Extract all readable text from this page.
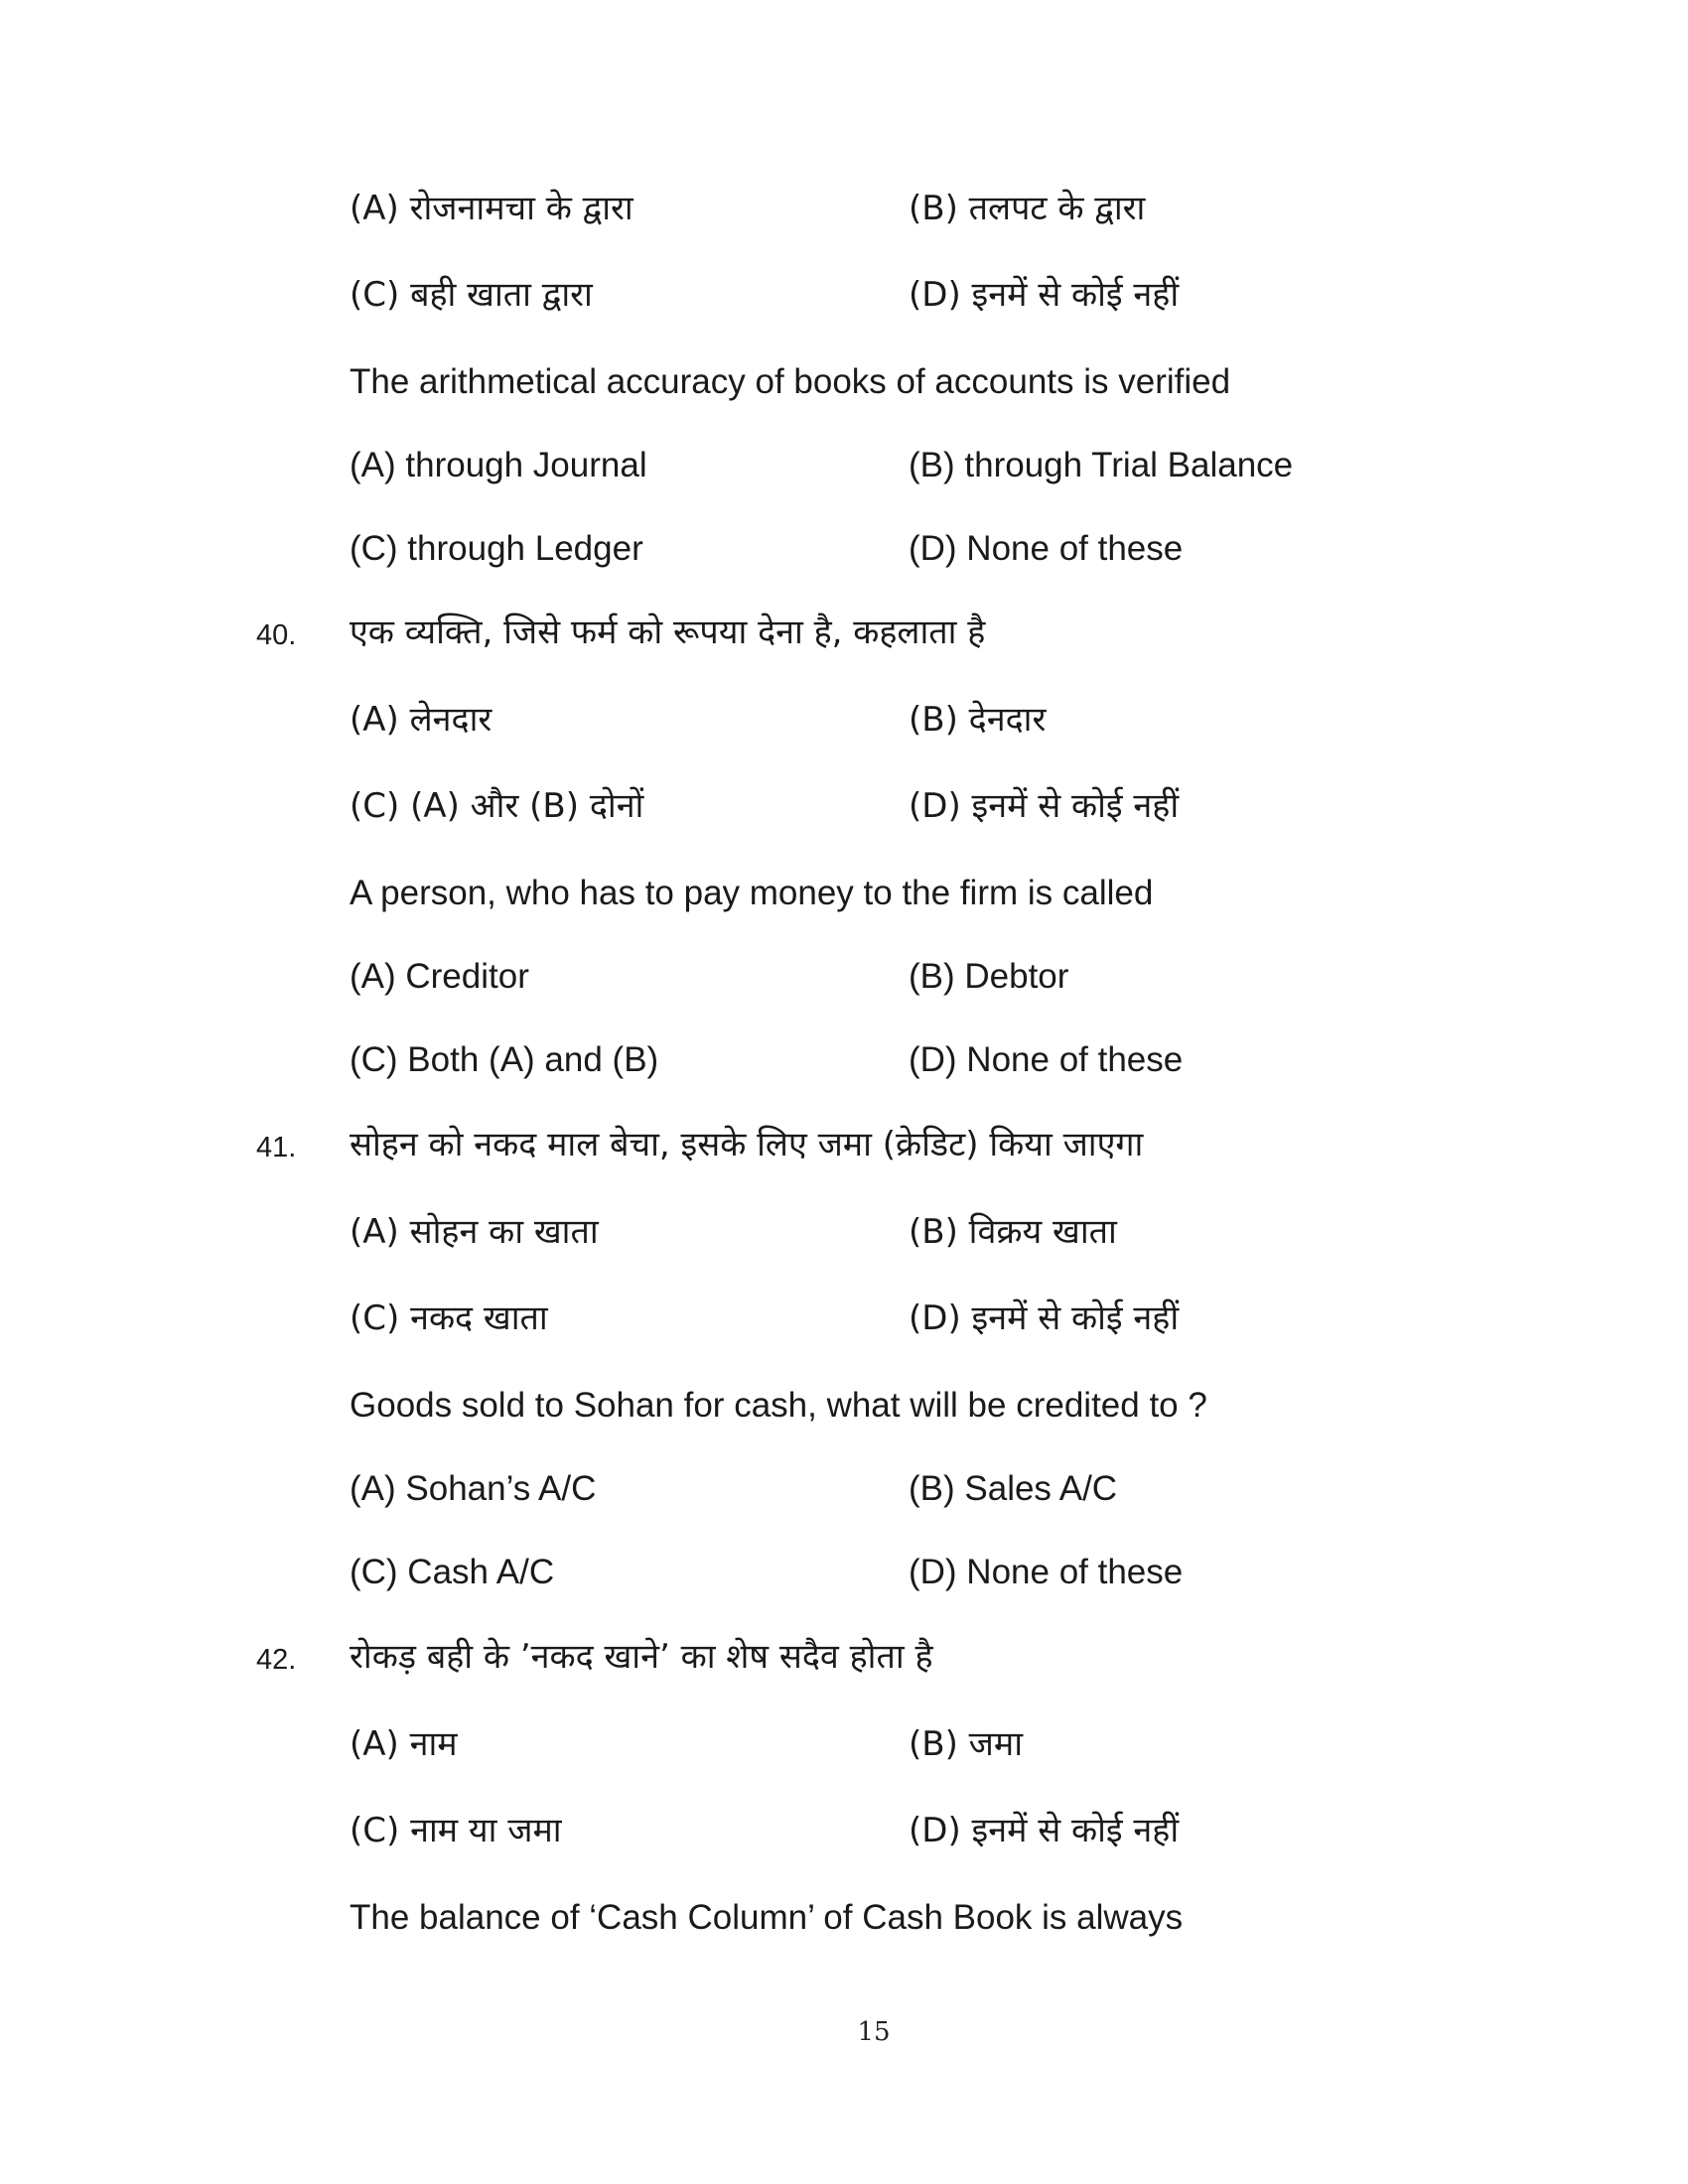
(A) रोजनामचा के द्वारा	(B) तलपट के द्वारा
(C) बही खाता द्वारा	(D) इनमें से कोई नहीं
The arithmetical accuracy of books of accounts is verified
(A) through Journal	(B) through Trial Balance
(C) through Ledger	(D) None of these
40. एक व्यक्ति, जिसे फर्म को रूपया देना है, कहलाता है
(A) लेनदार	(B) देनदार
(C) (A) और (B) दोनों	(D) इनमें से कोई नहीं
A person, who has to pay money to the firm is called
(A) Creditor	(B) Debtor
(C) Both (A) and (B)	(D) None of these
41. सोहन को नकद माल बेचा, इसके लिए जमा (क्रेडिट) किया जाएगा
(A) सोहन का खाता	(B) विक्रय खाता
(C) नकद खाता	(D) इनमें से कोई नहीं
Goods sold to Sohan for cash, what will be credited to ?
(A) Sohan’s A/C	(B) Sales A/C
(C) Cash A/C	(D) None of these
42. रोकड़ बही के ’नकद खाने’ का शेष सदैव होता है
(A) नाम	(B) जमा
(C) नाम या जमा	(D) इनमें से कोई नहीं
The balance of ‘Cash Column’ of Cash Book is always
15
